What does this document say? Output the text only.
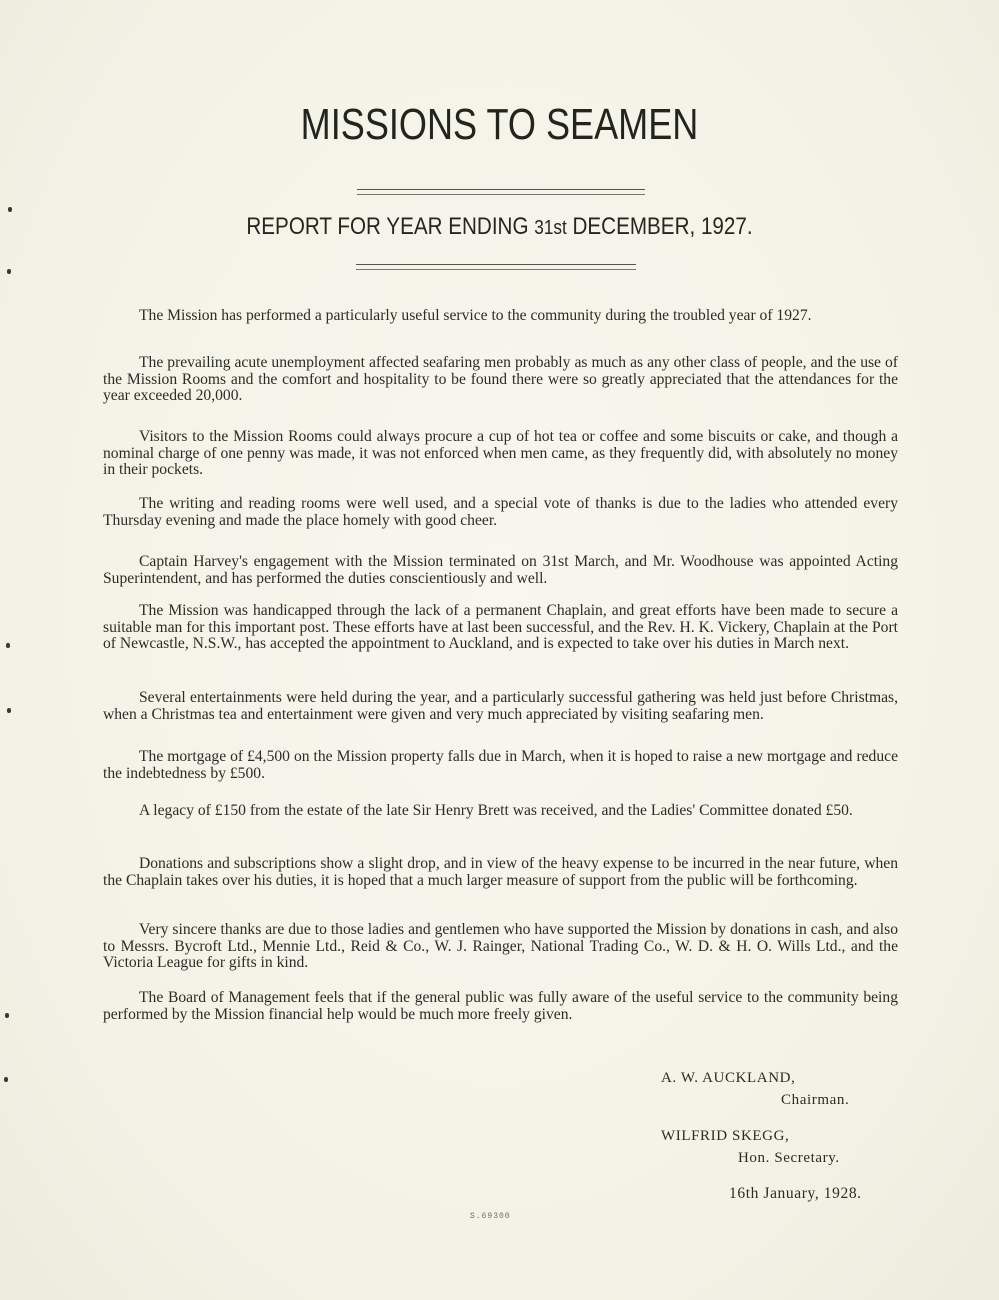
MISSIONS TO SEAMEN
REPORT FOR YEAR ENDING 31st DECEMBER, 1927.

The Mission has performed a particularly useful service to the community during the troubled year of 1927.

The prevailing acute unemployment affected seafaring men probably as much as any other class of people, and the use of the Mission Rooms and the comfort and hospitality to be found there were so greatly appreciated that the attendances for the year exceeded 20,000.

Visitors to the Mission Rooms could always procure a cup of hot tea or coffee and some biscuits or cake, and though a nominal charge of one penny was made, it was not enforced when men came, as they frequently did, with absolutely no money in their pockets.

The writing and reading rooms were well used, and a special vote of thanks is due to the ladies who attended every Thursday evening and made the place homely with good cheer.

Captain Harvey's engagement with the Mission terminated on 31st March, and Mr. Woodhouse was appointed Acting Superintendent, and has performed the duties conscientiously and well.

The Mission was handicapped through the lack of a permanent Chaplain, and great efforts have been made to secure a suitable man for this important post. These efforts have at last been successful, and the Rev. H. K. Vickery, Chaplain at the Port of Newcastle, N.S.W., has accepted the appointment to Auckland, and is expected to take over his duties in March next.

Several entertainments were held during the year, and a particularly successful gathering was held just before Christmas, when a Christmas tea and entertainment were given and very much appreciated by visiting seafaring men.

The mortgage of £4,500 on the Mission property falls due in March, when it is hoped to raise a new mortgage and reduce the indebtedness by £500.

A legacy of £150 from the estate of the late Sir Henry Brett was received, and the Ladies' Committee donated £50.

Donations and subscriptions show a slight drop, and in view of the heavy expense to be incurred in the near future, when the Chaplain takes over his duties, it is hoped that a much larger measure of support from the public will be forthcoming.

Very sincere thanks are due to those ladies and gentlemen who have supported the Mission by donations in cash, and also to Messrs. Bycroft Ltd., Mennie Ltd., Reid & Co., W. J. Rainger, National Trading Co., W. D. & H. O. Wills Ltd., and the Victoria League for gifts in kind.

The Board of Management feels that if the general public was fully aware of the useful service to the community being performed by the Mission financial help would be much more freely given.

A. W. AUCKLAND,
Chairman.
WILFRID SKEGG,
Hon. Secretary.
16th January, 1928.
S.69300
